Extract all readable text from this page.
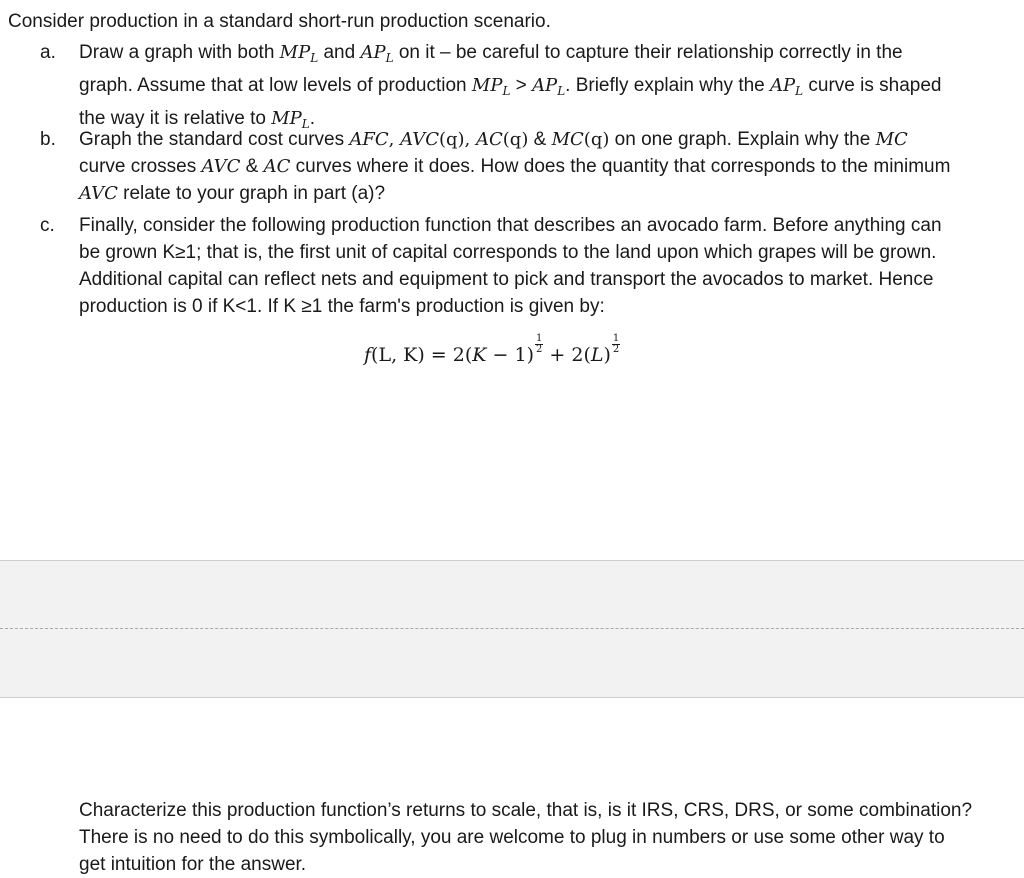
Consider production in a standard short-run production scenario.
a.	Draw a graph with both $MP_L$ and $AP_L$ on it – be careful to capture their relationship correctly in the
graph. Assume that at low levels of production $MP_L > AP_L$. Briefly explain why the $AP_L$ curve is shaped
the way it is relative to $MP_L$.
b.	Graph the standard cost curves AFC, AVC(q), AC(q) & MC(q) on one graph. Explain why the MC
curve crosses AVC & AC curves where it does. How does the quantity that corresponds to the minimum
AVC relate to your graph in part (a)?
c.	Finally, consider the following production function that describes an avocado farm. Before anything can
be grown K≥1; that is, the first unit of capital corresponds to the land upon which grapes will be grown.
Additional capital can reflect nets and equipment to pick and transport the avocados to market. Hence
production is 0 if K<1. If K ≥1 the farm's production is given by:
f(L, $K) = 2(K - 1) \frac{1}{2} + 2(L) \frac{1}{2}$
Characterize this production function’s returns to scale, that is, is it IRS, CRS, DRS, or some combination?
There is no need to do this symbolically, you are welcome to plug in numbers or use some other way to
get intuition for the answer.
